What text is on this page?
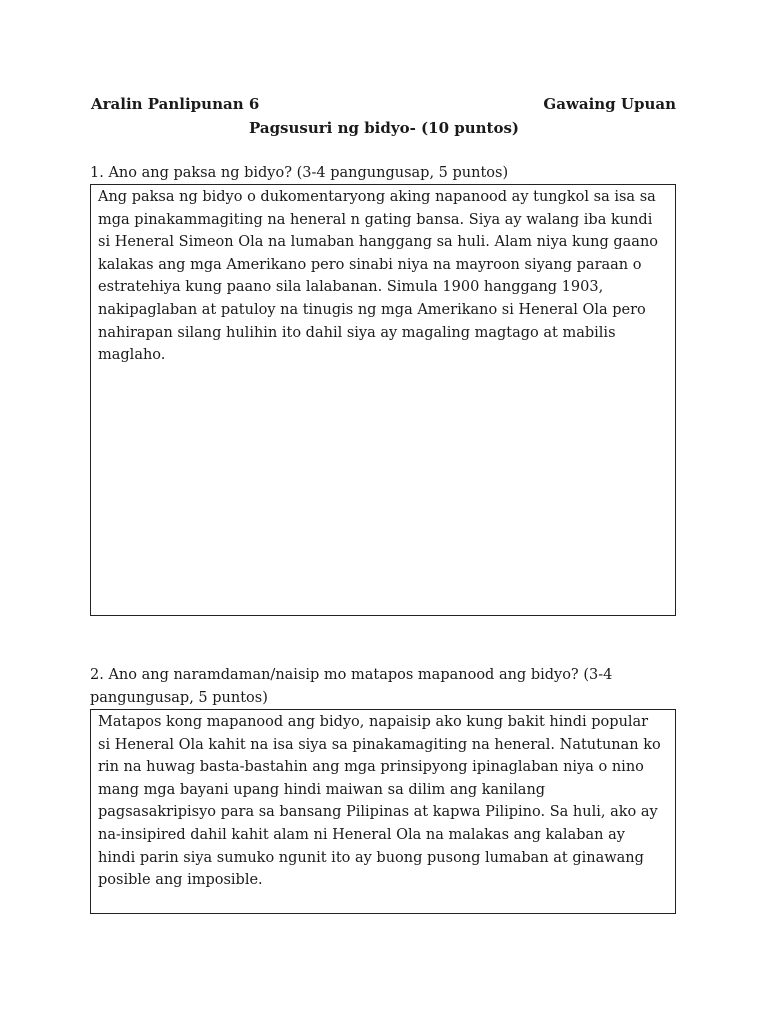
Aralin Panlipunan 6	Gawaing Upuan
Pagsusuri ng bidyo- (10 puntos)
1. Ano ang paksa ng bidyo? (3-4 pangungusap, 5 puntos)
Ang paksa ng bidyo o dukomentaryong aking napanood ay tungkol sa isa sa mga pinakammagiting na heneral n gating bansa. Siya ay walang iba kundi si Heneral Simeon Ola na lumaban hanggang sa huli. Alam niya kung gaano kalakas ang mga Amerikano pero sinabi niya na mayroon siyang paraan o estratehiya kung paano sila lalabanan. Simula 1900 hanggang 1903, nakipaglaban at patuloy na tinugis ng mga Amerikano si Heneral Ola pero nahirapan silang hulihin ito dahil siya ay magaling magtago at mabilis maglaho.
2. Ano ang naramdaman/naisip mo matapos mapanood ang bidyo? (3-4 pangungusap, 5 puntos)
Matapos kong mapanood ang bidyo, napaisip ako kung bakit hindi popular si Heneral Ola kahit na isa siya sa pinakamagiting na heneral. Natutunan ko rin na huwag basta-bastahin ang mga prinsipyong ipinaglaban niya o nino mang mga bayani upang hindi maiwan sa dilim ang kanilang pagsasakripisyo para sa bansang Pilipinas at kapwa Pilipino. Sa huli, ako ay na-insipired dahil kahit alam ni Heneral Ola na malakas ang kalaban ay hindi parin siya sumuko ngunit ito ay buong pusong lumaban at ginawang posible ang imposible.
